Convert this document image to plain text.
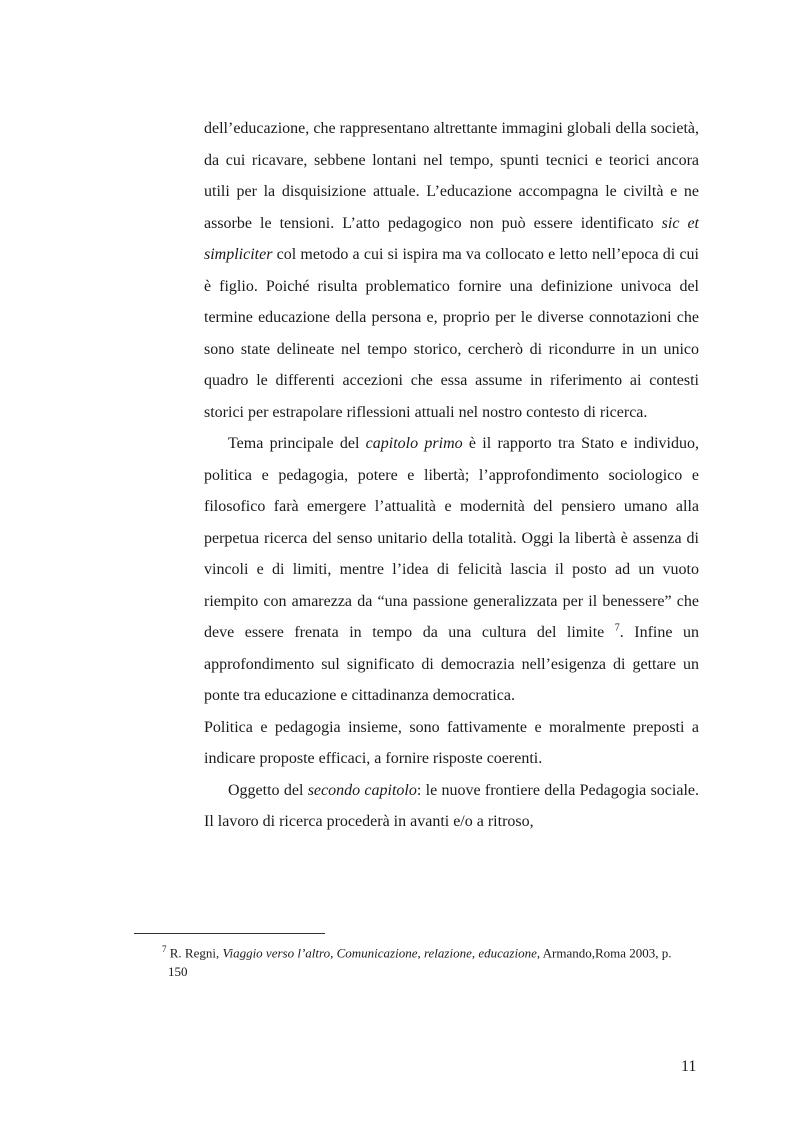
dell’educazione, che rappresentano altrettante immagini globali della società, da cui ricavare, sebbene lontani nel tempo, spunti tecnici e teorici ancora utili per la disquisizione attuale. L’educazione accompagna le civiltà e ne assorbe le tensioni. L’atto pedagogico non può essere identificato sic et simpliciter col metodo a cui si ispira ma va collocato e letto nell’epoca di cui è figlio. Poiché risulta problematico fornire una definizione univoca del termine educazione della persona e, proprio per le diverse connotazioni che sono state delineate nel tempo storico, cercherò di ricondurre in un unico quadro le differenti accezioni che essa assume in riferimento ai contesti storici per estrapolare riflessioni attuali nel nostro contesto di ricerca.

Tema principale del capitolo primo è il rapporto tra Stato e individuo, politica e pedagogia, potere e libertà; l’approfondimento sociologico e filosofico farà emergere l’attualità e modernità del pensiero umano alla perpetua ricerca del senso unitario della totalità. Oggi la libertà è assenza di vincoli e di limiti, mentre l’idea di felicità lascia il posto ad un vuoto riempito con amarezza da “una passione generalizzata per il benessere” che deve essere frenata in tempo da una cultura del limite $^7$. Infine un approfondimento sul significato di democrazia nell’esigenza di gettare un ponte tra educazione e cittadinanza democratica.

Politica e pedagogia insieme, sono fattivamente e moralmente preposti a indicare proposte efficaci, a fornire risposte coerenti.

Oggetto del secondo capitolo: le nuove frontiere della Pedagogia sociale. Il lavoro di ricerca procederà in avanti e/o a ritroso,

$^7$ R. Regni, Viaggio verso l’altro, Comunicazione, relazione, educazione, Armando,Roma 2003, p. 150
11
